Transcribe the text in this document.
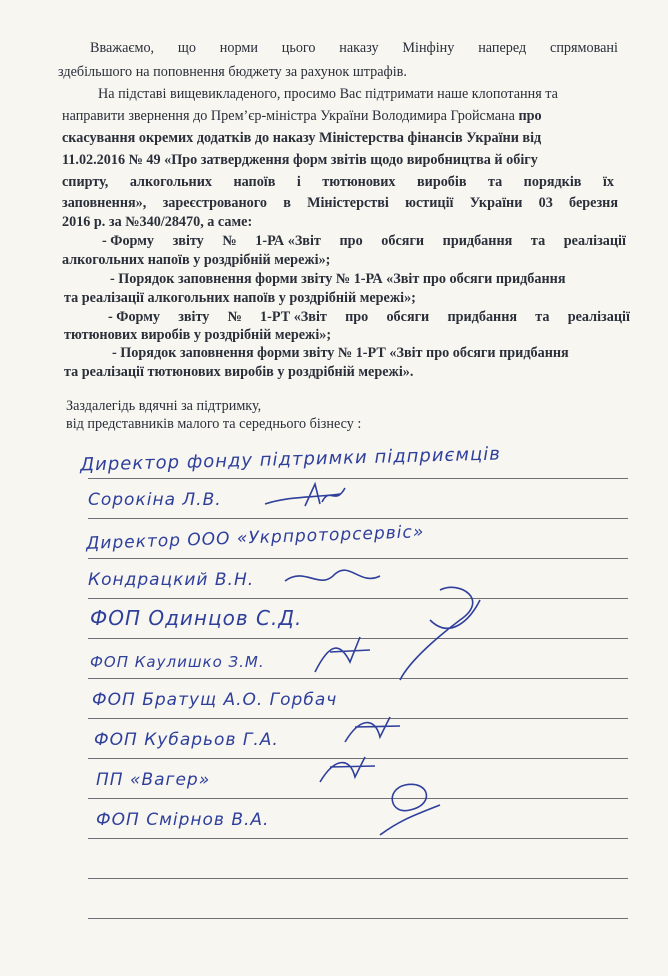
Вважаємо, що норми цього наказу Мінфіну наперед спрямовані
здебільшого на поповнення бюджету за рахунок штрафів.
На підставі вищевикладеного, просимо Вас підтримати наше клопотання та
направити звернення до Прем’єр-міністра України Володимира Гройсмана про
скасування окремих додатків до наказу Міністерства фінансів України від
11.02.2016 № 49 «Про затвердження форм звітів щодо виробництва й обігу
спирту, алкогольних напоїв і тютюнових виробів та порядків їх
заповнення», зареєстрованого в Міністерстві юстиції України 03 березня
2016 р. за №340/28470, а саме:
- Форму звіту № 1-РА «Звіт про обсяги придбання та реалізації
алкогольних напоїв у роздрібній мережі»;
- Порядок заповнення форми звіту № 1-РА «Звіт про обсяги придбання
та реалізації алкогольних напоїв у роздрібній мережі»;
- Форму звіту № 1-РТ «Звіт про обсяги придбання та реалізації
тютюнових виробів у роздрібній мережі»;
- Порядок заповнення форми звіту № 1-РТ «Звіт про обсяги придбання
та реалізації тютюнових виробів у роздрібній мережі».
Заздалегідь вдячні за підтримку,
від представників малого та середнього бізнесу :
Директор фонду підтримки підприємців
Сорокіна Л.В.
Директор ООО «Укрпроторсервіс»
Кондрацкий В.Н.
ФОП Одинцов С.Д.
ФОП Каулишко З.М.
ФОП Братущ А.О. Горбач
ФОП Кубарьов Г.А.
ПП «Вагер»
ФОП Смірнов В.А.
